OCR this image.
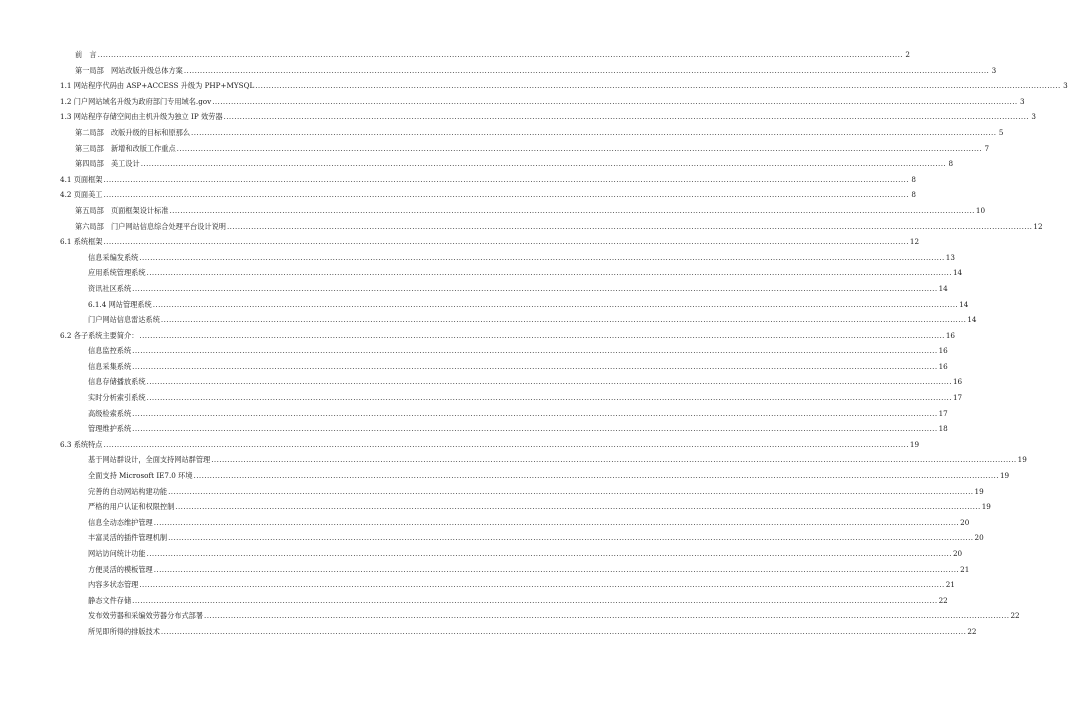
前　言 ............................................................................................................................................................................................................................................................................................................ 2
第一局部　网站改版升级总体方案 ............................................................................................................................................................................................................................................................................................................ 3
1.1 网站程序代码由 ASP+ACCESS 升级为 PHP+MYSQL ............................................................................................................................................................................................................................................................................................................ 3
1.2 门户网站域名升级为政府部门专用域名.gov ............................................................................................................................................................................................................................................................................................................ 3
1.3 网站程序存储空间由主机升级为独立 IP 效劳器 ............................................................................................................................................................................................................................................................................................................ 3
第二局部　改版升级的目标和原那么 ............................................................................................................................................................................................................................................................................................................ 5
第三局部　新增和改版工作重点 ............................................................................................................................................................................................................................................................................................................ 7
第四局部　美工设计 ............................................................................................................................................................................................................................................................................................................ 8
4.1 页面框架 ............................................................................................................................................................................................................................................................................................................ 8
4.2 页面美工 ............................................................................................................................................................................................................................................................................................................ 8
第五局部　页面框架设计标准 ............................................................................................................................................................................................................................................................................................................ 10
第六局部　门户网站信息综合处理平台设计说明 ............................................................................................................................................................................................................................................................................................................ 12
6.1 系统框架 ............................................................................................................................................................................................................................................................................................................ 12
信息采编发系统 ............................................................................................................................................................................................................................................................................................................ 13
应用系统管理系统 ............................................................................................................................................................................................................................................................................................................ 14
资讯社区系统 ............................................................................................................................................................................................................................................................................................................ 14
6.1.4 网站管理系统 ............................................................................................................................................................................................................................................................................................................ 14
门户网站信息雷达系统 ............................................................................................................................................................................................................................................................................................................ 14
6.2 各子系统主要简介： ............................................................................................................................................................................................................................................................................................................ 16
信息监控系统 ............................................................................................................................................................................................................................................................................................................ 16
信息采集系统 ............................................................................................................................................................................................................................................................................................................ 16
信息存储播放系统 ............................................................................................................................................................................................................................................................................................................ 16
实时分析索引系统 ............................................................................................................................................................................................................................................................................................................ 17
高级检索系统 ............................................................................................................................................................................................................................................................................................................ 17
管理维护系统 ............................................................................................................................................................................................................................................................................................................ 18
6.3 系统特点 ............................................................................................................................................................................................................................................................................................................ 19
基于网站群设计，全面支持网站群管理 ............................................................................................................................................................................................................................................................................................................ 19
全面支持 Microsoft IE7.0 环境 ............................................................................................................................................................................................................................................................................................................ 19
完善的自动网站构建功能 ............................................................................................................................................................................................................................................................................................................ 19
严格的用户认证和权限控制 ............................................................................................................................................................................................................................................................................................................ 19
信息全动态维护管理 ............................................................................................................................................................................................................................................................................................................ 20
丰富灵活的插件管理机制 ............................................................................................................................................................................................................................................................................................................ 20
网站访问统计功能 ............................................................................................................................................................................................................................................................................................................ 20
方便灵活的模板管理 ............................................................................................................................................................................................................................................................................................................ 21
内容多状态管理 ............................................................................................................................................................................................................................................................................................................ 21
静态文件存储 ............................................................................................................................................................................................................................................................................................................ 22
发布效劳器和采编效劳器分布式部署 ............................................................................................................................................................................................................................................................................................................ 22
所见即所得的排版技术 ............................................................................................................................................................................................................................................................................................................ 22
